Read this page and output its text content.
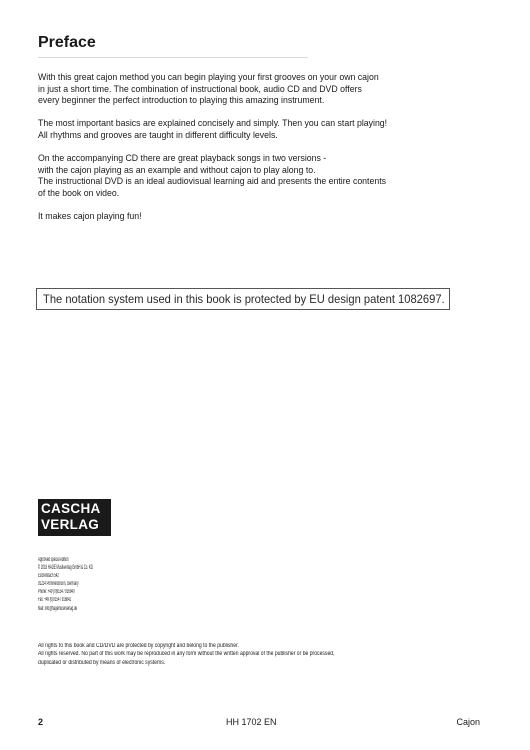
Preface

With this great cajon method you can begin playing your first grooves on your own cajon
in just a short time. The combination of instructional book, audio CD and DVD offers
every beginner the perfect introduction to playing this amazing instrument.

The most important basics are explained concisely and simply. Then you can start playing!
All rhythms and grooves are taught in different difficulty levels.

On the accompanying CD there are great playback songs in two versions -
with the cajon playing as an example and without cajon to play along to.
The instructional DVD is an ideal audiovisual learning aid and presents the entire contents
of the book on video.

It makes cajon playing fun!

The notation system used in this book is protected by EU design patent 1082697.
CASCHA
VERLAG
Approved special edition
© 2018 HAGE Musikverlag GmbH & Co. KG
Eschenbach 542
91224 Pommelsbrunn, Germany
Phone: +49 (0)9154 / 916940
Fax: +49 (0)9154 / 916841
Mail: info@hagemusikverlag.de
All rights to this book and CD/DVD are protected by copyright and belong to the publisher.
All rights reserved. No part of this work may be reproduced in any form without the written approval of the publisher or be processed,
duplicated or distributed by means of electronic systems.
2	HH 1702 EN	Cajon
